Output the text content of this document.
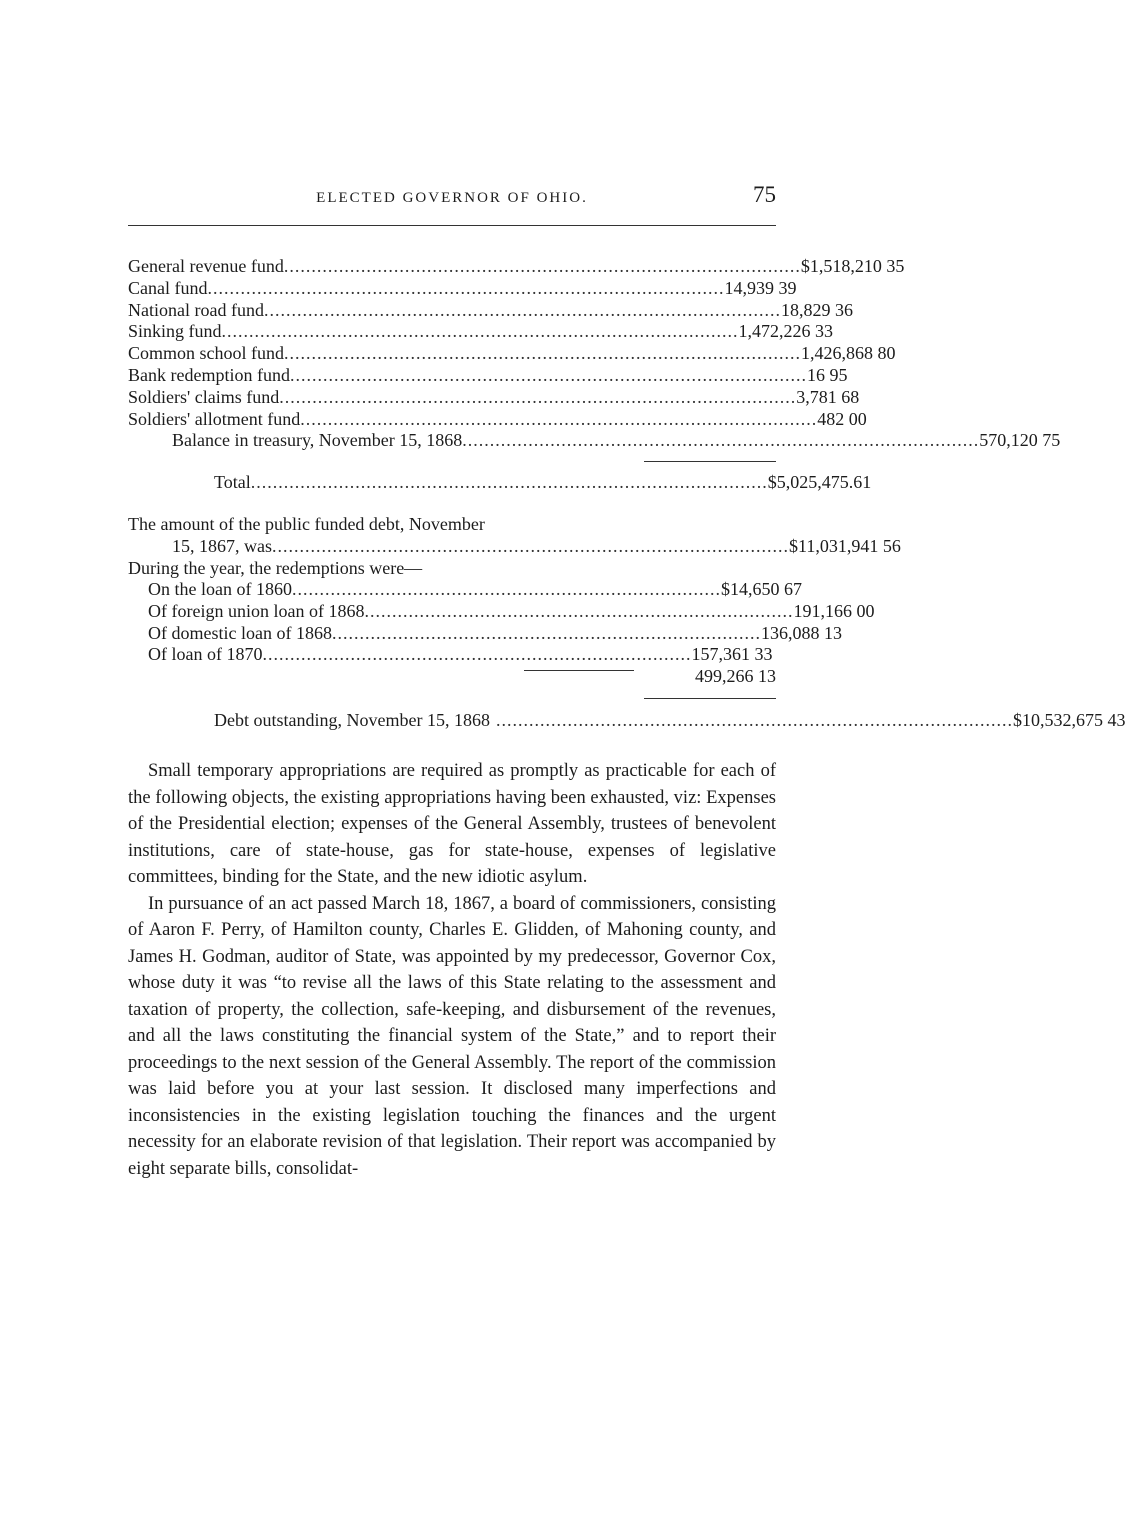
ELECTED GOVERNOR OF OHIO.	75
General revenue fund .............................................................................................. $1,518,210 35
Canal fund .............................................................................................. 14,939 39
National road fund .............................................................................................. 18,829 36
Sinking fund .............................................................................................. 1,472,226 33
Common school fund .............................................................................................. 1,426,868 80
Bank redemption fund .............................................................................................. 16 95
Soldiers' claims fund .............................................................................................. 3,781 68
Soldiers' allotment fund .............................................................................................. 482 00
Balance in treasury, November 15, 1868 .............................................................................................. 570,120 75
Total .............................................................................................. $5,025,475.61
The amount of the public funded debt, November
15, 1867, was .............................................................................................. $11,031,941 56
During the year, the redemptions were—
On the loan of 1860 .............................................................................. $14,650 67
Of foreign union loan of 1868 .............................................................................. 191,166 00
Of domestic loan of 1868 .............................................................................. 136,088 13
Of loan of 1870 .............................................................................. 157,361 33
499,266 13
Debt outstanding, November 15, 1868 .............................................................................................. $10,532,675 43

Small temporary appropriations are required as promptly as practicable for each of the following objects, the existing appropriations having been exhausted, viz: Expenses of the Presidential election; expenses of the General Assembly, trustees of benevolent institutions, care of state-house, gas for state-house, expenses of legislative committees, binding for the State, and the new idiotic asylum.

In pursuance of an act passed March 18, 1867, a board of commissioners, consisting of Aaron F. Perry, of Hamilton county, Charles E. Glidden, of Mahoning county, and James H. Godman, auditor of State, was appointed by my predecessor, Governor Cox, whose duty it was “to revise all the laws of this State relating to the assessment and taxation of property, the collection, safe-keeping, and disbursement of the revenues, and all the laws constituting the financial system of the State,” and to report their proceedings to the next session of the General Assembly. The report of the commission was laid before you at your last session. It disclosed many imperfections and inconsistencies in the existing legislation touching the finances and the urgent necessity for an elaborate revision of that legislation. Their report was accompanied by eight separate bills, consolidat-
